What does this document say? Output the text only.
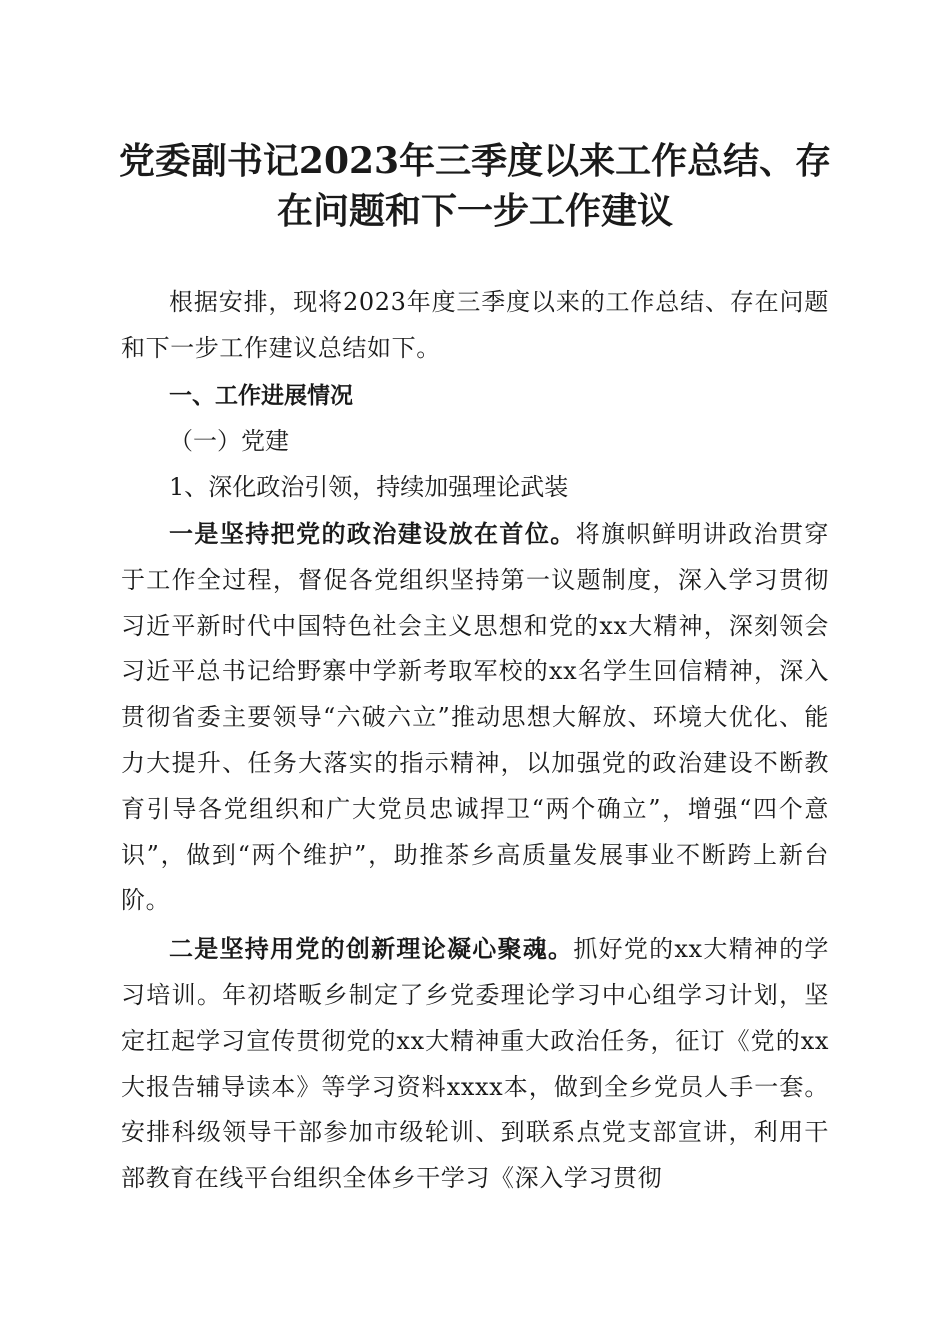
党委副书记2023年三季度以来工作总结、存
在问题和下一步工作建议

根据安排，现将2023年度三季度以来的工作总结、存在问题和下一步工作建议总结如下。

一、工作进展情况

（一）党建

1、深化政治引领，持续加强理论武装

一是坚持把党的政治建设放在首位。将旗帜鲜明讲政治贯穿于工作全过程，督促各党组织坚持第一议题制度，深入学习贯彻习近平新时代中国特色社会主义思想和党的xx大精神，深刻领会习近平总书记给野寨中学新考取军校的xx名学生回信精神，深入贯彻省委主要领导“六破六立”推动思想大解放、环境大优化、能力大提升、任务大落实的指示精神，以加强党的政治建设不断教育引导各党组织和广大党员忠诚捍卫“两个确立”，增强“四个意识”，做到“两个维护”，助推茶乡高质量发展事业不断跨上新台阶。

二是坚持用党的创新理论凝心聚魂。抓好党的xx大精神的学习培训。年初塔畈乡制定了乡党委理论学习中心组学习计划，坚定扛起学习宣传贯彻党的xx大精神重大政治任务，征订《党的xx大报告辅导读本》等学习资料xxxx本，做到全乡党员人手一套。安排科级领导干部参加市级轮训、到联系点党支部宣讲，利用干部教育在线平台组织全体乡干学习《深入学习贯彻
